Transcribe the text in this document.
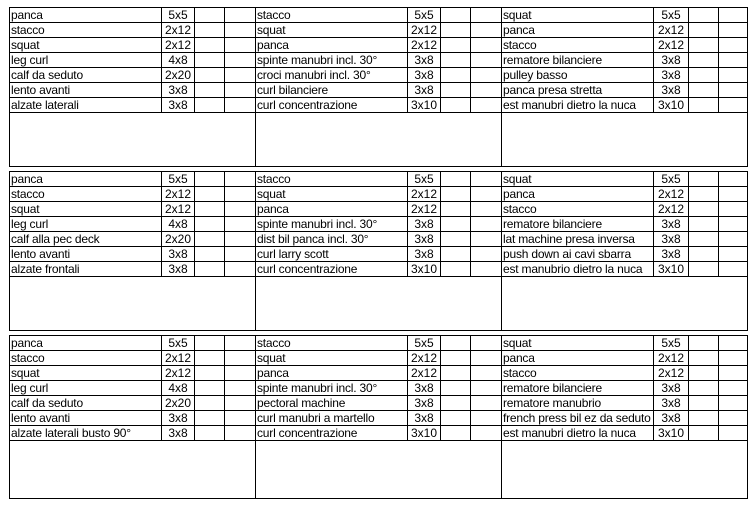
panca	5x5			stacco	5x5			squat	5x5		
stacco	2x12			squat	2x12			panca	2x12		
squat	2x12			panca	2x12			stacco	2x12		
leg curl	4x8			spinte manubri incl. 30°	3x8			rematore bilanciere	3x8		
calf da seduto	2x20			croci manubri incl. 30°	3x8			pulley basso	3x8		
lento avanti	3x8			curl bilanciere	3x8			panca presa stretta	3x8		
alzate laterali	3x8			curl concentrazione	3x10			est manubri dietro la nuca	3x10		

panca	5x5			stacco	5x5			squat	5x5		
stacco	2x12			squat	2x12			panca	2x12		
squat	2x12			panca	2x12			stacco	2x12		
leg curl	4x8			spinte manubri incl. 30°	3x8			rematore bilanciere	3x8		
calf alla pec deck	2x20			dist bil panca incl. 30°	3x8			lat machine presa inversa	3x8		
lento avanti	3x8			curl larry scott	3x8			push down ai cavi sbarra	3x8		
alzate frontali	3x8			curl concentrazione	3x10			est manubrio dietro la nuca	3x10		

panca	5x5			stacco	5x5			squat	5x5		
stacco	2x12			squat	2x12			panca	2x12		
squat	2x12			panca	2x12			stacco	2x12		
leg curl	4x8			spinte manubri incl. 30°	3x8			rematore bilanciere	3x8		
calf da seduto	2x20			pectoral machine	3x8			rematore manubrio	3x8		
lento avanti	3x8			curl manubri a martello	3x8			french press bil ez da seduto	3x8		
alzate laterali busto 90°	3x8			curl concentrazione	3x10			est manubri dietro la nuca	3x10		
